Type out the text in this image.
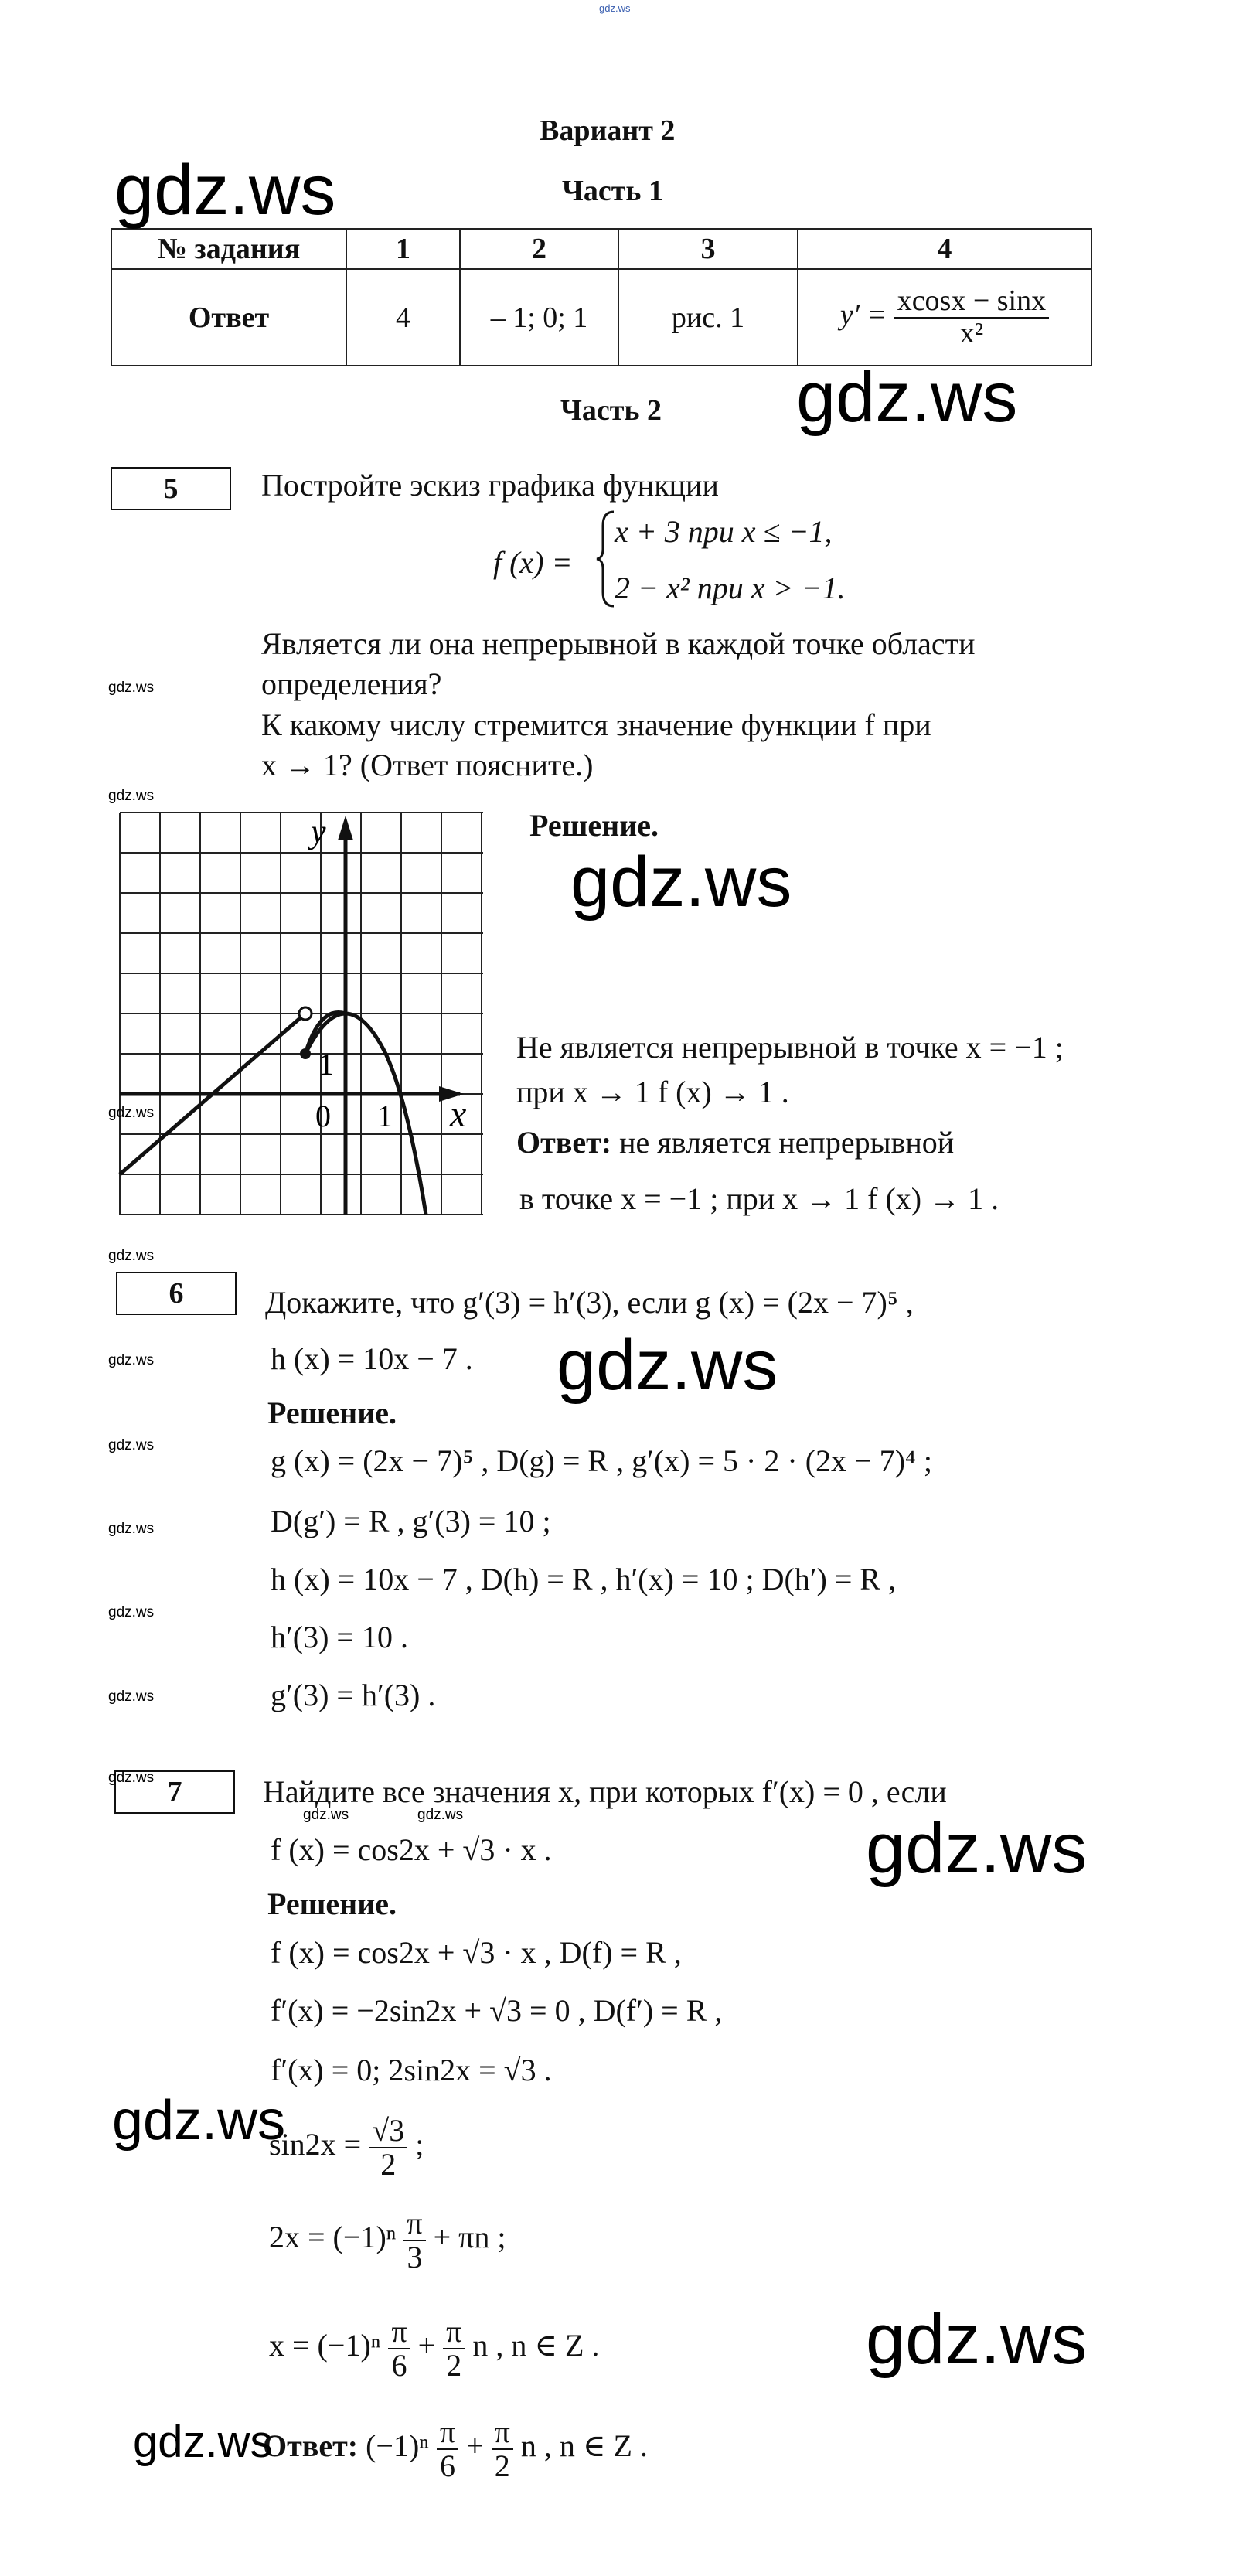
gdz.ws
Вариант 2
Часть 1
№ задания	1	2	3	4
Ответ	4	– 1; 0; 1	рис. 1	$y' = \frac{xcosx - \sin x}{\text{x²}}$
Часть 2
5	Постройте эскиз графика функции
f (x) =
x + 3 при x ≤ −1,
2 − x² при x > −1.
Является ли она непрерывной в каждой точке области
определения?
К какому числу стремится значение функции f при
x → 1? (Ответ поясните.)
Решение.
y
x
0 1
1	Не является непрерывной в точке x = −1 ;
при x → 1 f (x) → 1 .
Ответ: не является непрерывной
в точке x = −1 ; при x → 1 f (x) → 1 .
6	Докажите, что g′(3) = h′(3), если g (x) = (2x − 7)⁵ ,
h (x) = 10x − 7 .
Решение.
g (x) = (2x − 7)⁵ , D(g) = R , g′(x) = 5 · 2 · (2x − 7)⁴ ;
D(g′) = R , g′(3) = 10 ;
h (x) = 10x − 7 , D(h) = R , h′(x) = 10 ; D(h′) = R ,
h′(3) = 10 .
g′(3) = h′(3) .
7	Найдите все значения x, при которых f′(x) = 0 , если
f (x) = cos2x + √3 · x .
Решение.
f (x) = cos2x + √3 · x , D(f) = R ,
f′(x) = −2sin2x + √3 = 0 , D(f′) = R ,
f′(x) = 0; 2sin2x = √3 .
$\sin 2x = \frac{√3}{2}$ ;
$2x = (-1)^n \frac{\pi}{3} + \pi n$ ;
$x = (-1)^n \frac{\pi}{6} + \frac{\pi}{2}$ n , n ∈ Z .
Ответ: $(-1)^n \frac{\pi}{6} + \frac{\pi}{2}$ n , n ∈ Z .
gdz.ws
gdz.ws
gdz.ws
gdz.ws
gdz.ws
gdz.ws
gdz.ws
gdz.ws
gdz.ws
gdz.ws
gdz.ws
gdz.ws
gdz.ws
gdz.ws
gdz.ws
gdz.ws
gdz.ws
gdz.ws
gdz.ws	gdz.ws
